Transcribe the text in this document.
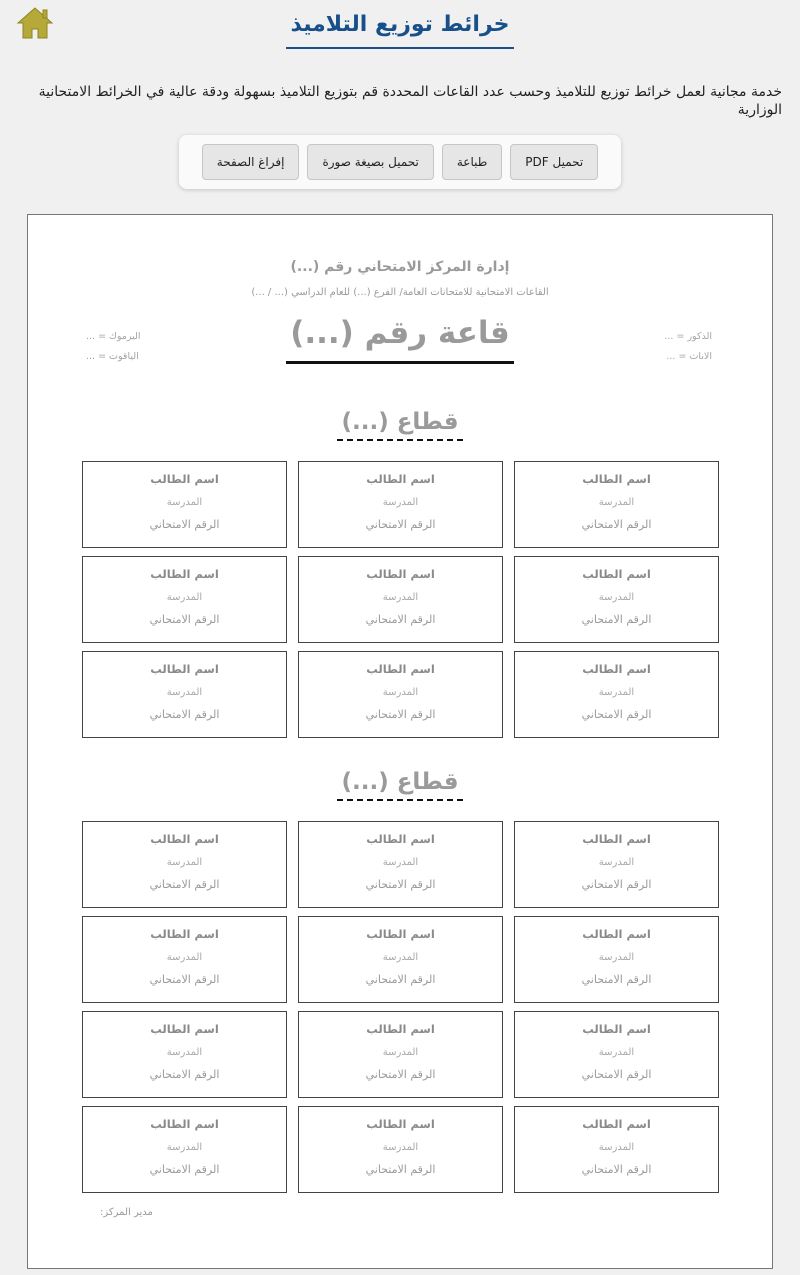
خرائط توزيع التلاميذ

خدمة مجانية لعمل خرائط توزيع للتلاميذ وحسب عدد القاعات المحددة قم بتوزيع التلاميذ بسهولة ودقة عالية في الخرائط الامتحانية الوزارية

تحميل PDF
طباعة
تحميل بصيغة صورة
إفراغ الصفحة
إدارة المركز الامتحاني رقم (...)
القاعات الامتحانية للامتحانات العامة/ الفرع (...) للعام الدراسي (... / ...)
الذكور = ...
الاناث = ...
اليرموك = ...
الياقوت = ...
قاعة رقم (...)
قطاع (...)
اسم الطالب
المدرسة
الرقم الامتحاني
اسم الطالب
المدرسة
الرقم الامتحاني
اسم الطالب
المدرسة
الرقم الامتحاني
اسم الطالب
المدرسة
الرقم الامتحاني
اسم الطالب
المدرسة
الرقم الامتحاني
اسم الطالب
المدرسة
الرقم الامتحاني
اسم الطالب
المدرسة
الرقم الامتحاني
اسم الطالب
المدرسة
الرقم الامتحاني
اسم الطالب
المدرسة
الرقم الامتحاني
قطاع (...)
اسم الطالب
المدرسة
الرقم الامتحاني
اسم الطالب
المدرسة
الرقم الامتحاني
اسم الطالب
المدرسة
الرقم الامتحاني
اسم الطالب
المدرسة
الرقم الامتحاني
اسم الطالب
المدرسة
الرقم الامتحاني
اسم الطالب
المدرسة
الرقم الامتحاني
اسم الطالب
المدرسة
الرقم الامتحاني
اسم الطالب
المدرسة
الرقم الامتحاني
اسم الطالب
المدرسة
الرقم الامتحاني
اسم الطالب
المدرسة
الرقم الامتحاني
اسم الطالب
المدرسة
الرقم الامتحاني
اسم الطالب
المدرسة
الرقم الامتحاني
مدير المركز:
